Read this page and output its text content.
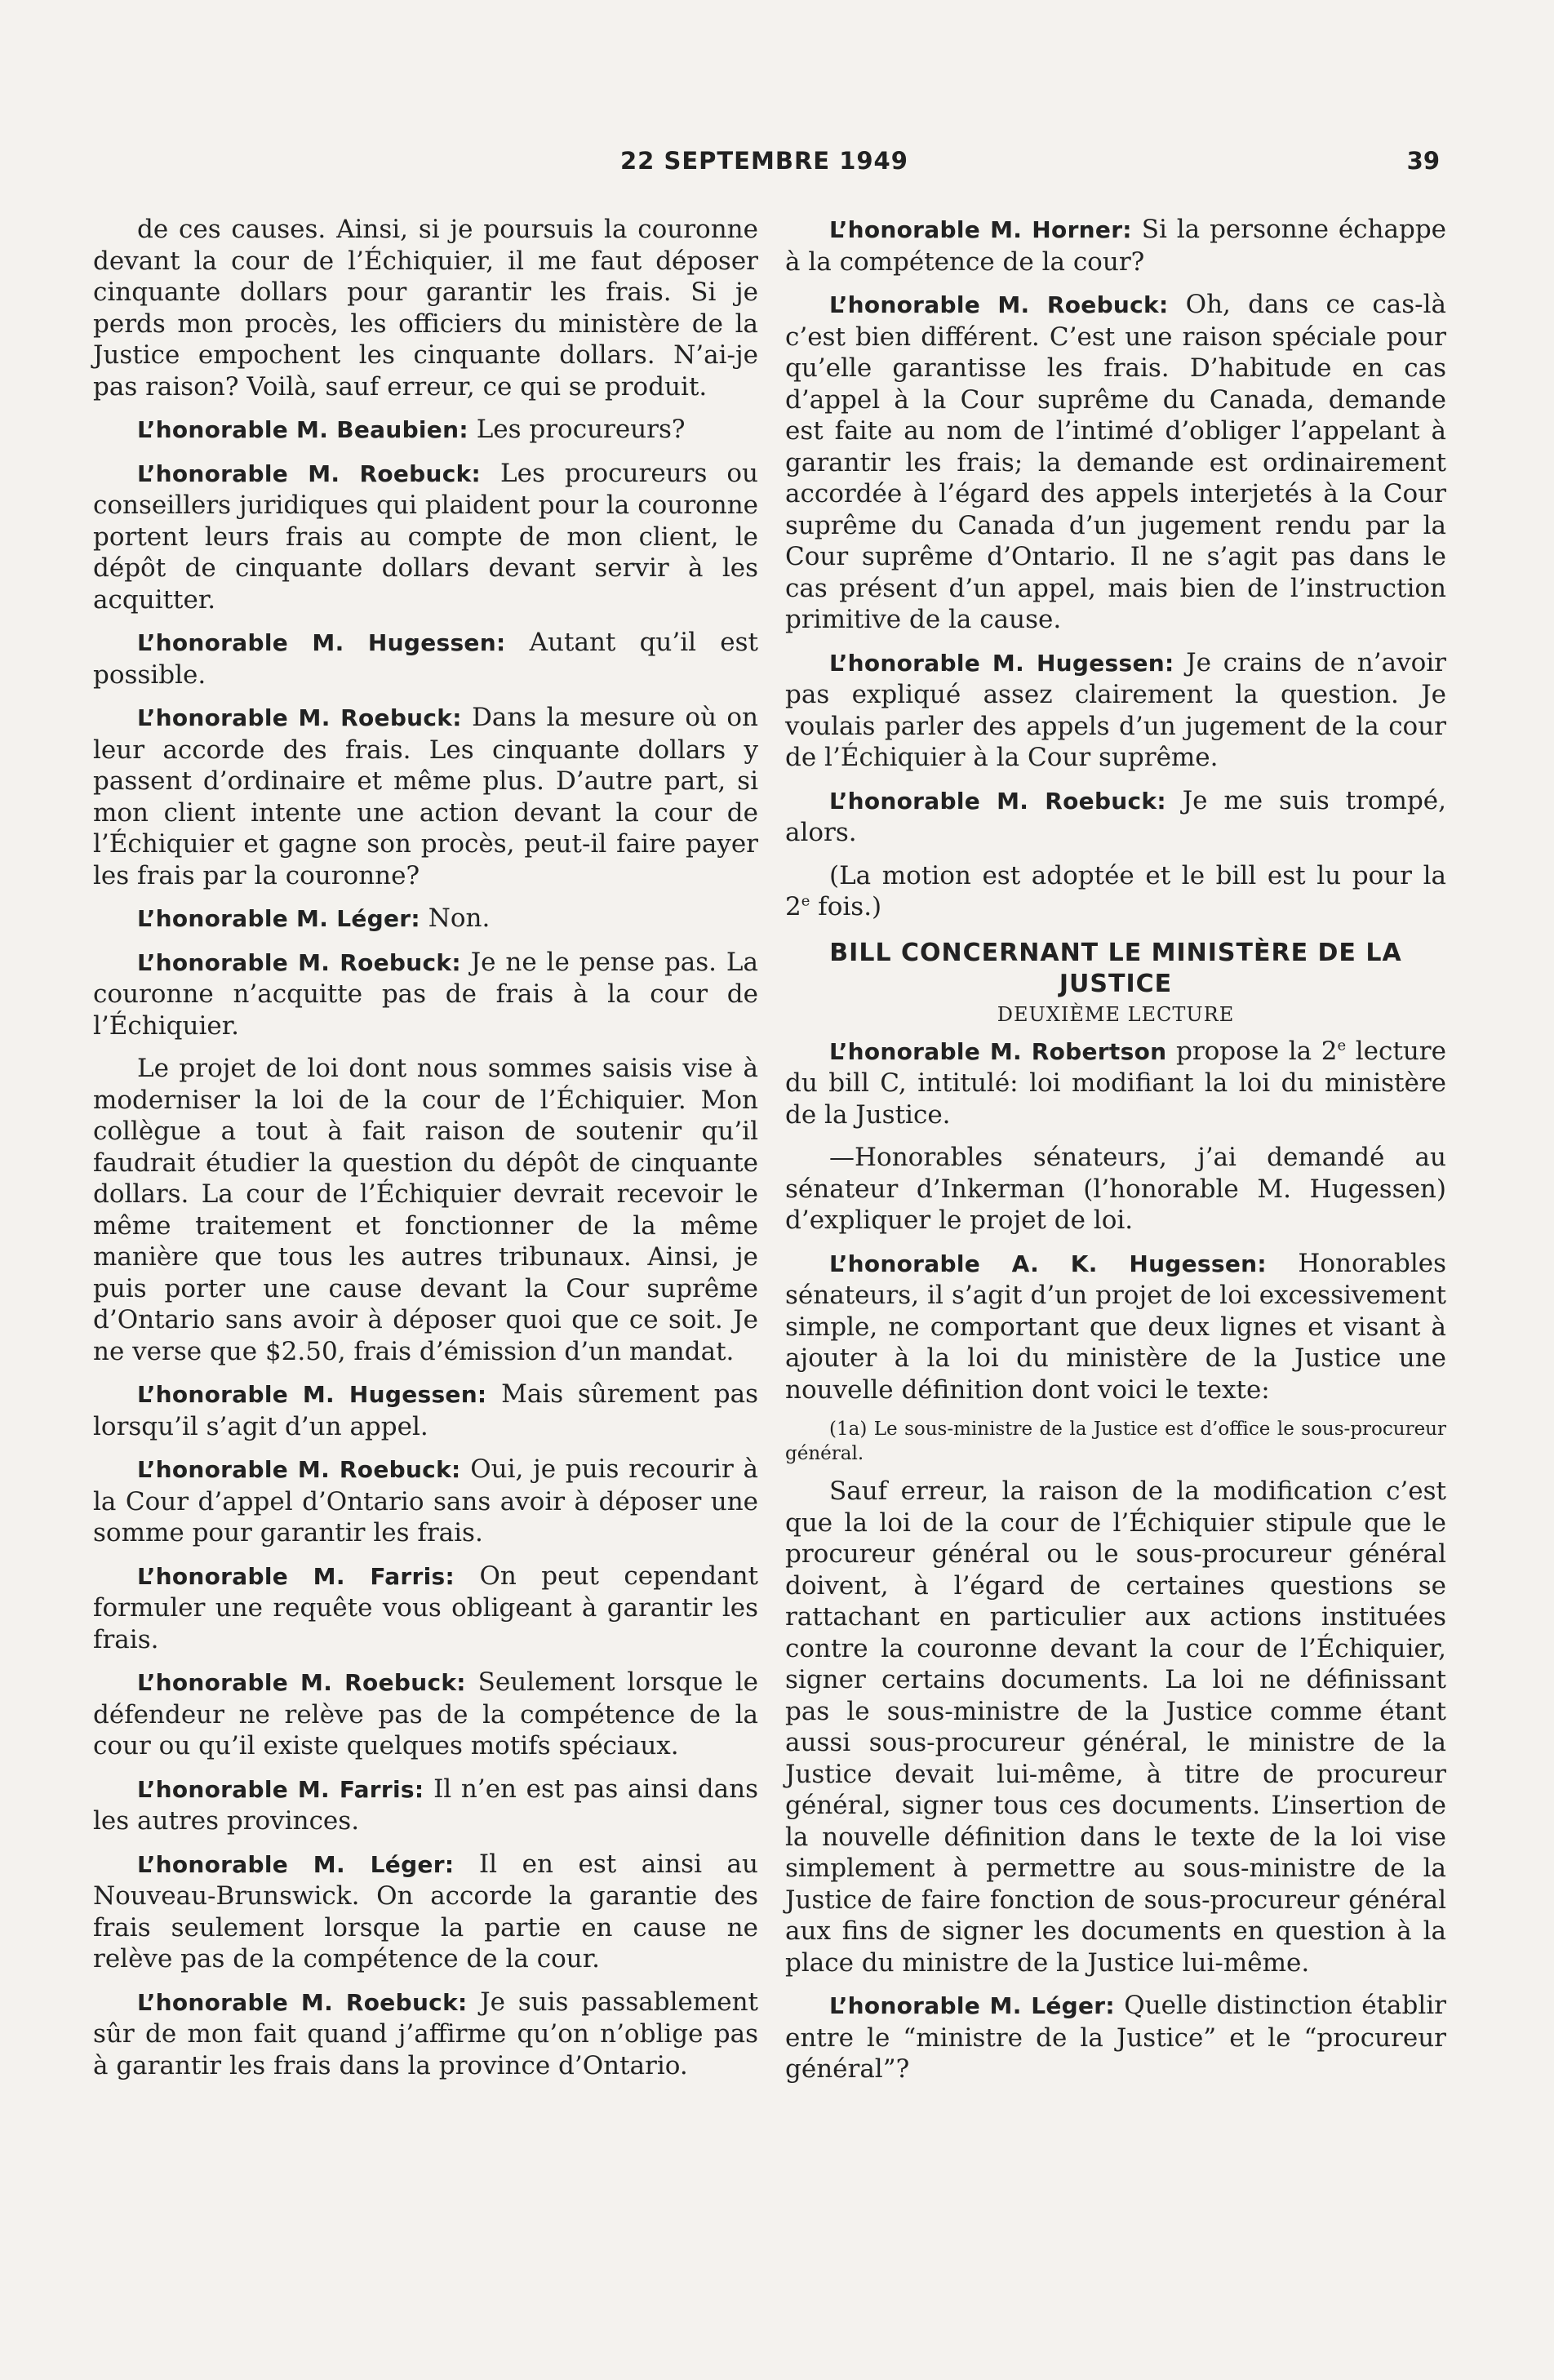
22 SEPTEMBRE 1949	39

de ces causes. Ainsi, si je poursuis la couronne devant la cour de l’Échiquier, il me faut déposer cinquante dollars pour garantir les frais. Si je perds mon procès, les officiers du ministère de la Justice empochent les cinquante dollars. N’ai-je pas raison? Voilà, sauf erreur, ce qui se produit.

L’honorable M. Beaubien: Les procureurs?

L’honorable M. Roebuck: Les procureurs ou conseillers juridiques qui plaident pour la couronne portent leurs frais au compte de mon client, le dépôt de cinquante dollars devant servir à les acquitter.

L’honorable M. Hugessen: Autant qu’il est possible.

L’honorable M. Roebuck: Dans la mesure où on leur accorde des frais. Les cinquante dollars y passent d’ordinaire et même plus. D’autre part, si mon client intente une action devant la cour de l’Échiquier et gagne son procès, peut-il faire payer les frais par la couronne?

L’honorable M. Léger: Non.

L’honorable M. Roebuck: Je ne le pense pas. La couronne n’acquitte pas de frais à la cour de l’Échiquier.

Le projet de loi dont nous sommes saisis vise à moderniser la loi de la cour de l’Échiquier. Mon collègue a tout à fait raison de soutenir qu’il faudrait étudier la question du dépôt de cinquante dollars. La cour de l’Échiquier devrait recevoir le même traitement et fonctionner de la même manière que tous les autres tribunaux. Ainsi, je puis porter une cause devant la Cour suprême d’Ontario sans avoir à déposer quoi que ce soit. Je ne verse que $2.50, frais d’émission d’un mandat.

L’honorable M. Hugessen: Mais sûrement pas lorsqu’il s’agit d’un appel.

L’honorable M. Roebuck: Oui, je puis recourir à la Cour d’appel d’Ontario sans avoir à déposer une somme pour garantir les frais.

L’honorable M. Farris: On peut cependant formuler une requête vous obligeant à garantir les frais.

L’honorable M. Roebuck: Seulement lorsque le défendeur ne relève pas de la compétence de la cour ou qu’il existe quelques motifs spéciaux.

L’honorable M. Farris: Il n’en est pas ainsi dans les autres provinces.

L’honorable M. Léger: Il en est ainsi au Nouveau-Brunswick. On accorde la garantie des frais seulement lorsque la partie en cause ne relève pas de la compétence de la cour.

L’honorable M. Roebuck: Je suis passablement sûr de mon fait quand j’affirme qu’on n’oblige pas à garantir les frais dans la province d’Ontario.

L’honorable M. Horner: Si la personne échappe à la compétence de la cour?

L’honorable M. Roebuck: Oh, dans ce cas-là c’est bien différent. C’est une raison spéciale pour qu’elle garantisse les frais. D’habitude en cas d’appel à la Cour suprême du Canada, demande est faite au nom de l’intimé d’obliger l’appelant à garantir les frais; la demande est ordinairement accordée à l’égard des appels interjetés à la Cour suprême du Canada d’un jugement rendu par la Cour suprême d’Ontario. Il ne s’agit pas dans le cas présent d’un appel, mais bien de l’instruction primitive de la cause.

L’honorable M. Hugessen: Je crains de n’avoir pas expliqué assez clairement la question. Je voulais parler des appels d’un jugement de la cour de l’Échiquier à la Cour suprême.

L’honorable M. Roebuck: Je me suis trompé, alors.

(La motion est adoptée et le bill est lu pour la 2e fois.)

BILL CONCERNANT LE MINISTÈRE DE LA JUSTICE
DEUXIÈME LECTURE

L’honorable M. Robertson propose la 2e lecture du bill C, intitulé: loi modifiant la loi du ministère de la Justice.

—Honorables sénateurs, j’ai demandé au sénateur d’Inkerman (l’honorable M. Hugessen) d’expliquer le projet de loi.

L’honorable A. K. Hugessen: Honorables sénateurs, il s’agit d’un projet de loi excessivement simple, ne comportant que deux lignes et visant à ajouter à la loi du ministère de la Justice une nouvelle définition dont voici le texte:

(1a) Le sous-ministre de la Justice est d’office le sous-procureur général.

Sauf erreur, la raison de la modification c’est que la loi de la cour de l’Échiquier stipule que le procureur général ou le sous-procureur général doivent, à l’égard de certaines questions se rattachant en particulier aux actions instituées contre la couronne devant la cour de l’Échiquier, signer certains documents. La loi ne définissant pas le sous-ministre de la Justice comme étant aussi sous-procureur général, le ministre de la Justice devait lui-même, à titre de procureur général, signer tous ces documents. L’insertion de la nouvelle définition dans le texte de la loi vise simplement à permettre au sous-ministre de la Justice de faire fonction de sous-procureur général aux fins de signer les documents en question à la place du ministre de la Justice lui-même.

L’honorable M. Léger: Quelle distinction établir entre le “ministre de la Justice” et le “procureur général”?
